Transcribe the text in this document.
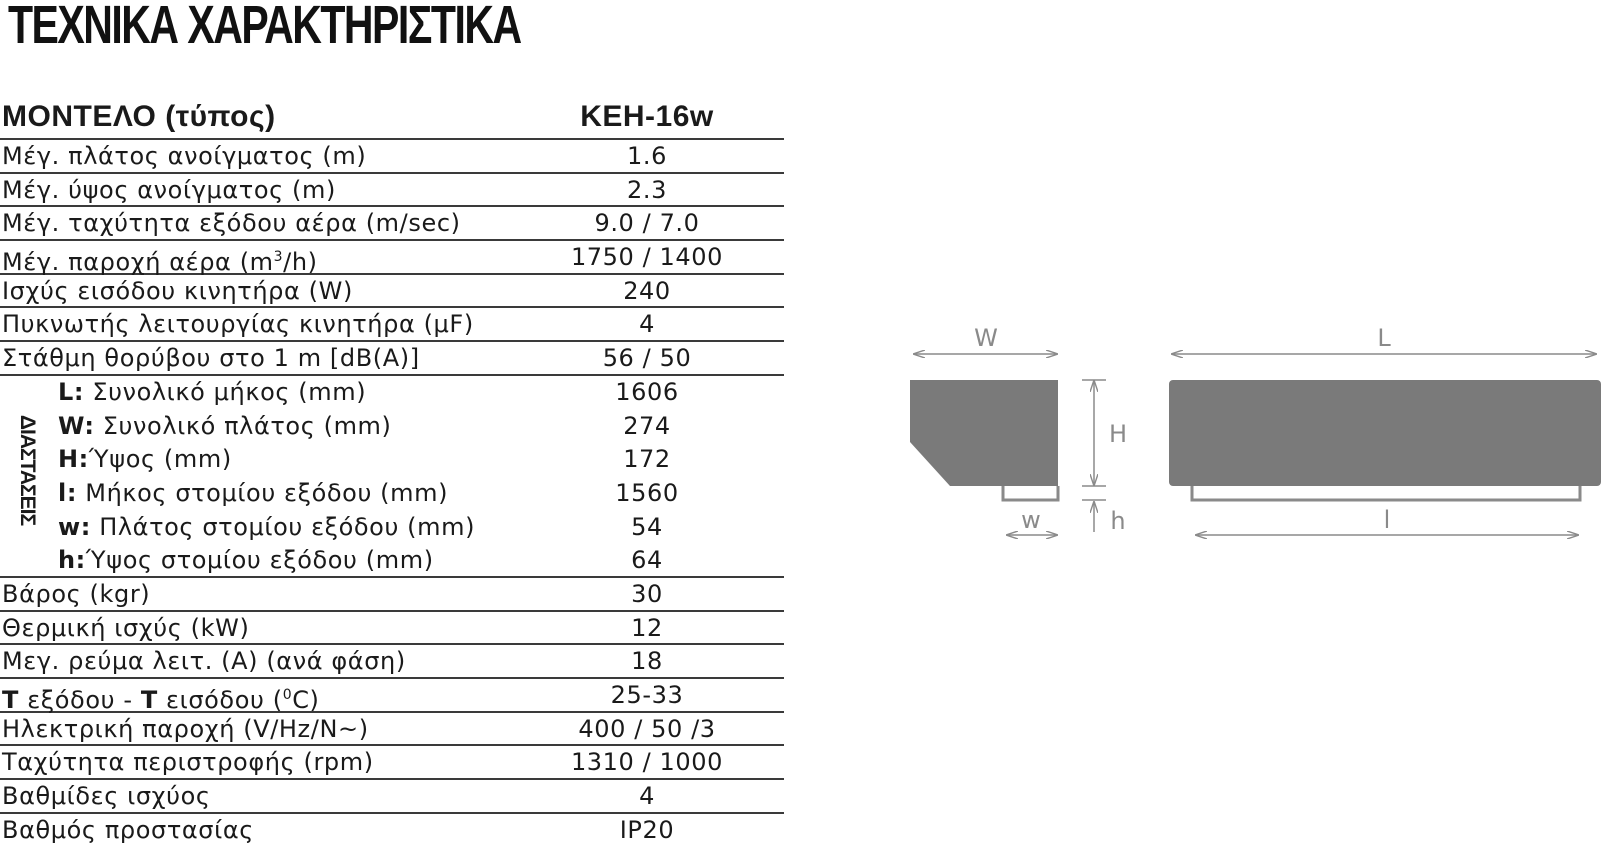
ΤΕΧΝΙΚΑ ΧΑΡΑΚΤΗΡΙΣΤΙΚΑ
ΜΟΝΤΕΛΟ (τύπος)	KEH-16w
Μέγ. πλάτος ανοίγματος (m)	1.6
Μέγ. ύψος ανοίγματος (m)	2.3
Μέγ. ταχύτητα εξόδου αέρα (m/sec)	9.0 / 7.0
Μέγ. παροχή αέρα $(m^3/h)$	1750 / 1400
Ισχύς εισόδου κινητήρα (W)	240
Πυκνωτής λειτουργίας κινητήρα (μF)	4
Στάθμη θορύβου στο 1 m [dB(A)]	56 / 50
L: Συνολικό μήκος (mm)	1606
W: Συνολικό πλάτος (mm)	274
H:Ύψος (mm)	172
l: Μήκος στομίου εξόδου (mm)	1560
w: Πλάτος στομίου εξόδου (mm)	54
h:Ύψος στομίου εξόδου (mm)	64
Βάρος (kgr)	30
Θερμική ισχύς (kW)	12
Μεγ. ρεύμα λειτ. (A) (ανά φάση)	18
T εξόδου - T εισόδου ($^0$C)	25-33
Ηλεκτρική παροχή (V/Hz/N~)	400 / 50 /3
Ταχύτητα περιστροφής (rpm)	1310 / 1000
Βαθμίδες ισχύος	4
Βαθμός προστασίας	IP20
ΔΙΑΣΤΑΣΕΙΣ
W
H
h
w
L
l
